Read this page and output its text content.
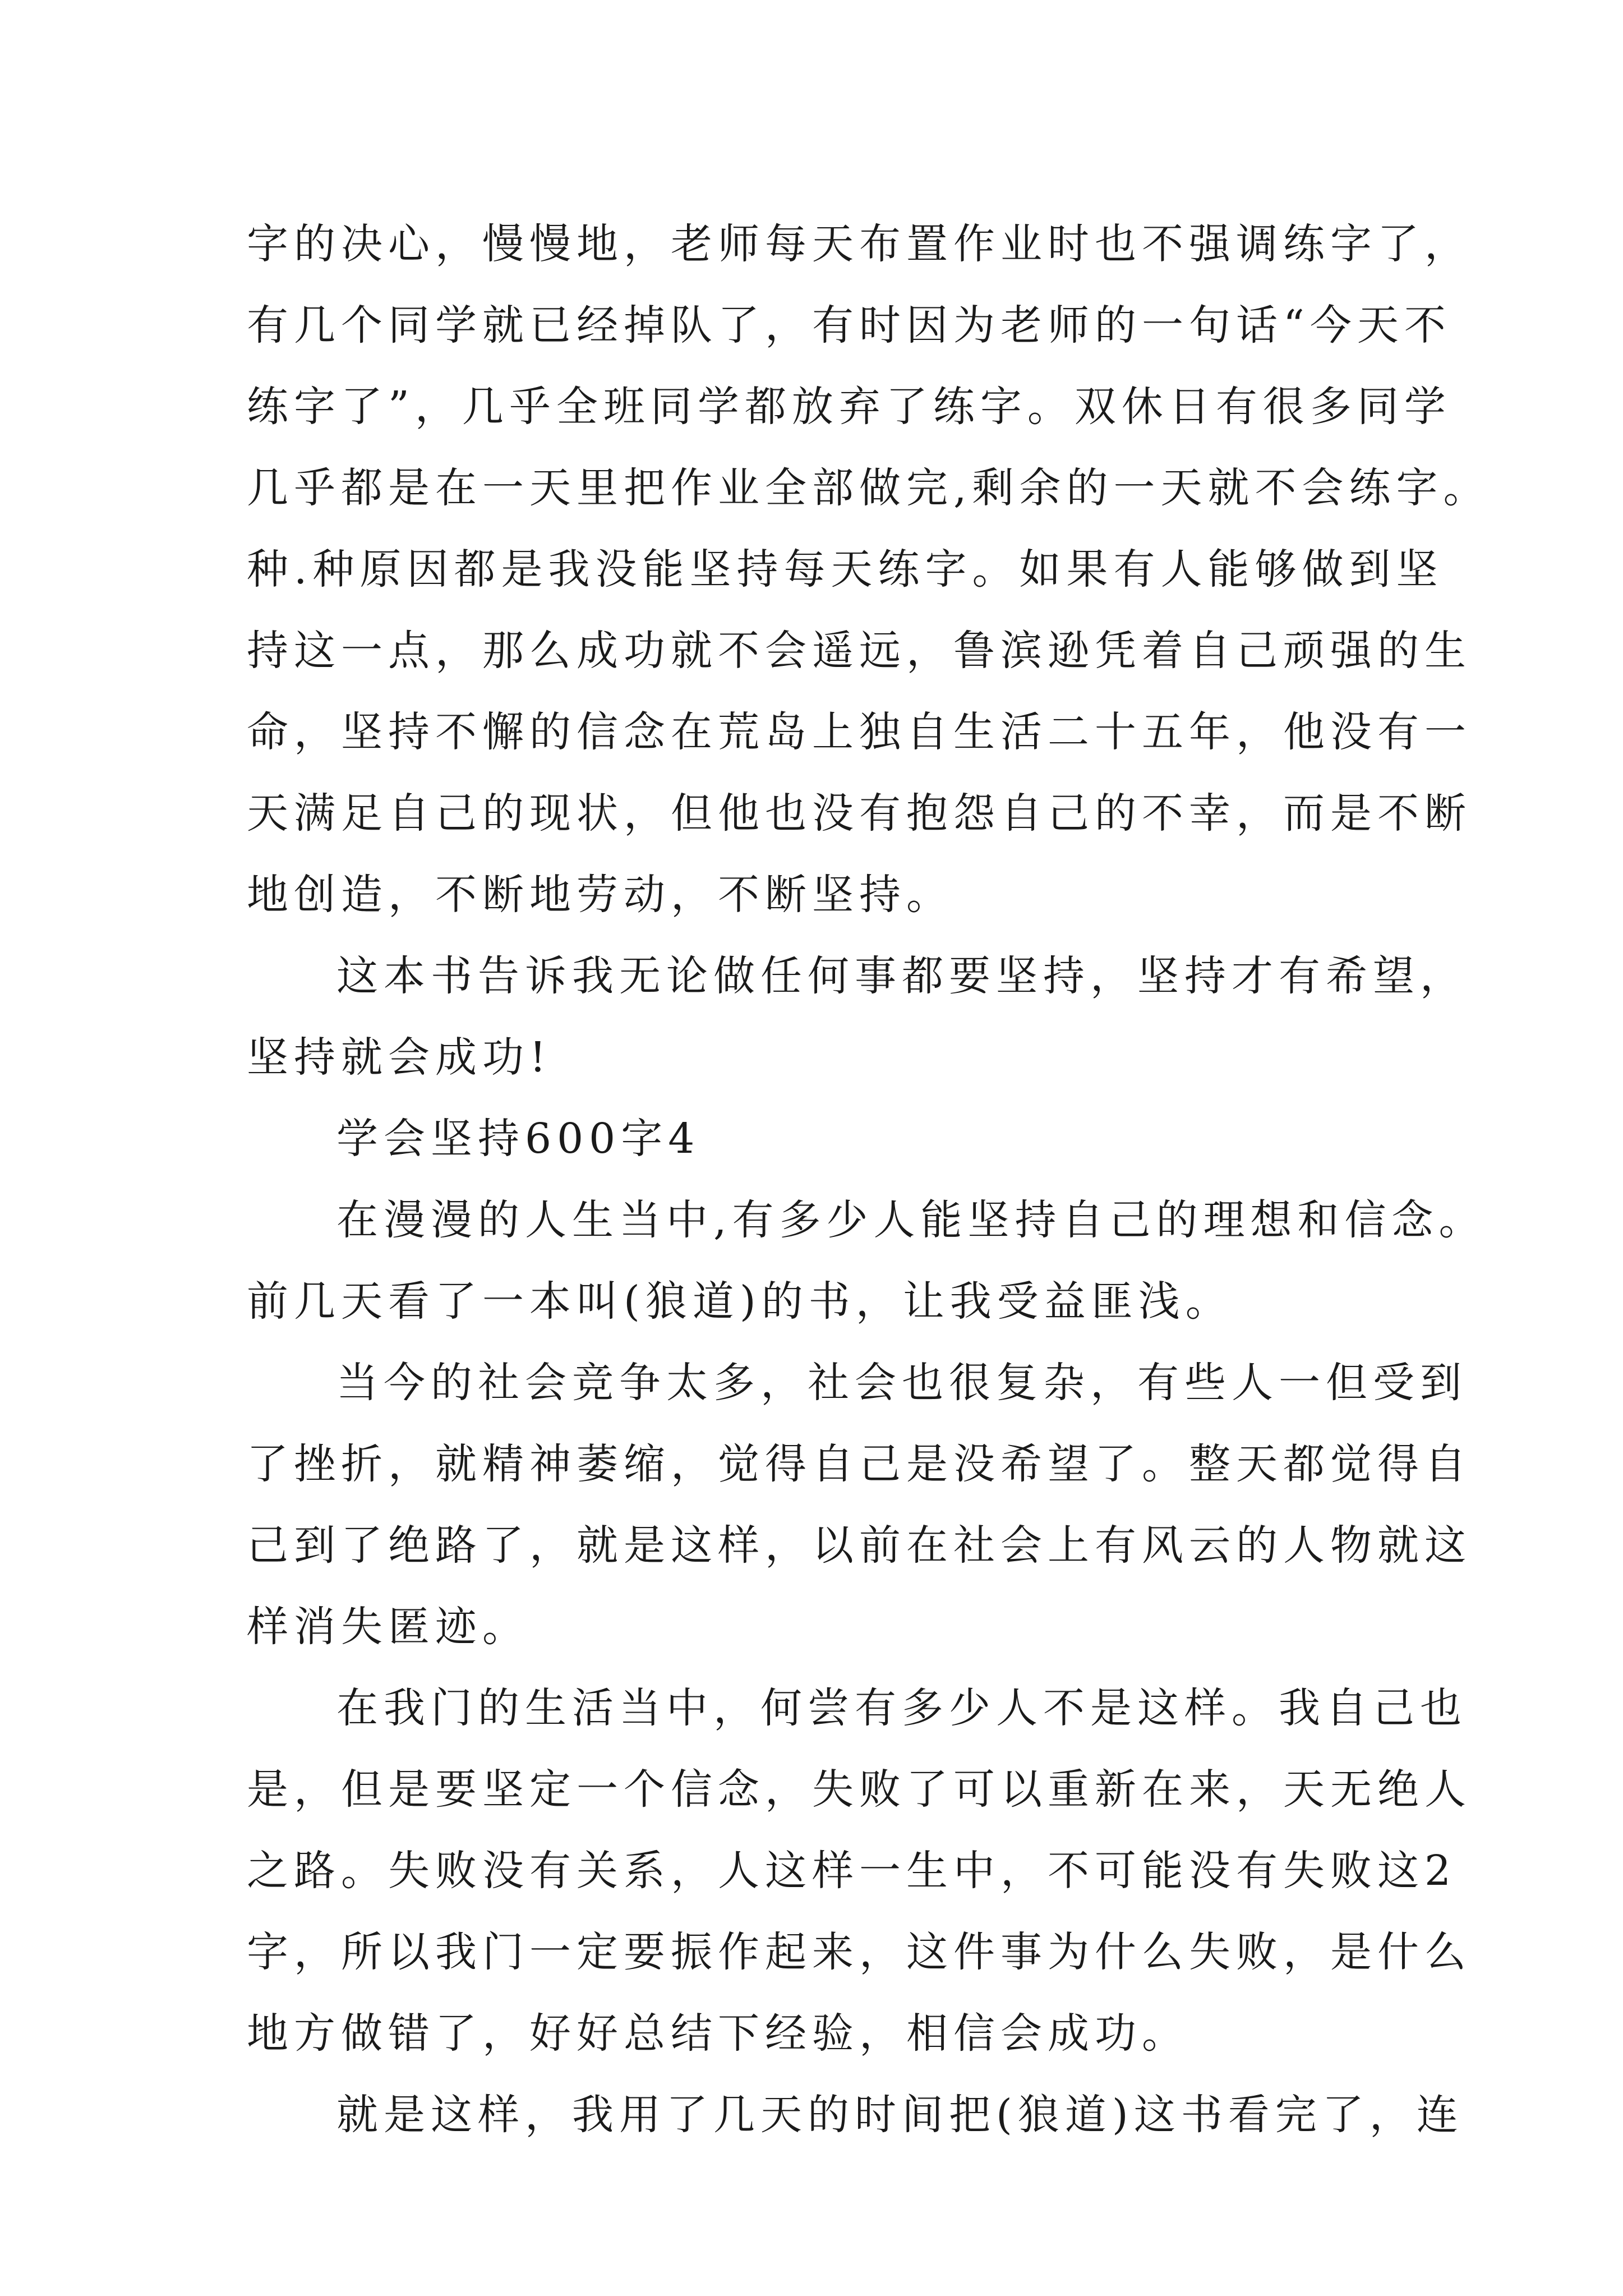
字的决心，慢慢地，老师每天布置作业时也不强调练字了，
有几个同学就已经掉队了，有时因为老师的一句话“今天不
练字了”，几乎全班同学都放弃了练字。双休日有很多同学
几乎都是在一天里把作业全部做完,剩余的一天就不会练字。
种.种原因都是我没能坚持每天练字。如果有人能够做到坚
持这一点，那么成功就不会遥远，鲁滨逊凭着自己顽强的生
命，坚持不懈的信念在荒岛上独自生活二十五年，他没有一
天满足自己的现状，但他也没有抱怨自己的不幸，而是不断
地创造，不断地劳动，不断坚持。
这本书告诉我无论做任何事都要坚持，坚持才有希望，
坚持就会成功!
学会坚持600字4
在漫漫的人生当中,有多少人能坚持自己的理想和信念。
前几天看了一本叫(狼道)的书，让我受益匪浅。
当今的社会竞争太多，社会也很复杂，有些人一但受到
了挫折，就精神萎缩，觉得自己是没希望了。整天都觉得自
己到了绝路了，就是这样，以前在社会上有风云的人物就这
样消失匿迹。
在我门的生活当中，何尝有多少人不是这样。我自己也
是，但是要坚定一个信念，失败了可以重新在来，天无绝人
之路。失败没有关系，人这样一生中，不可能没有失败这2
字，所以我门一定要振作起来，这件事为什么失败，是什么
地方做错了，好好总结下经验，相信会成功。
就是这样，我用了几天的时间把(狼道)这书看完了，连
